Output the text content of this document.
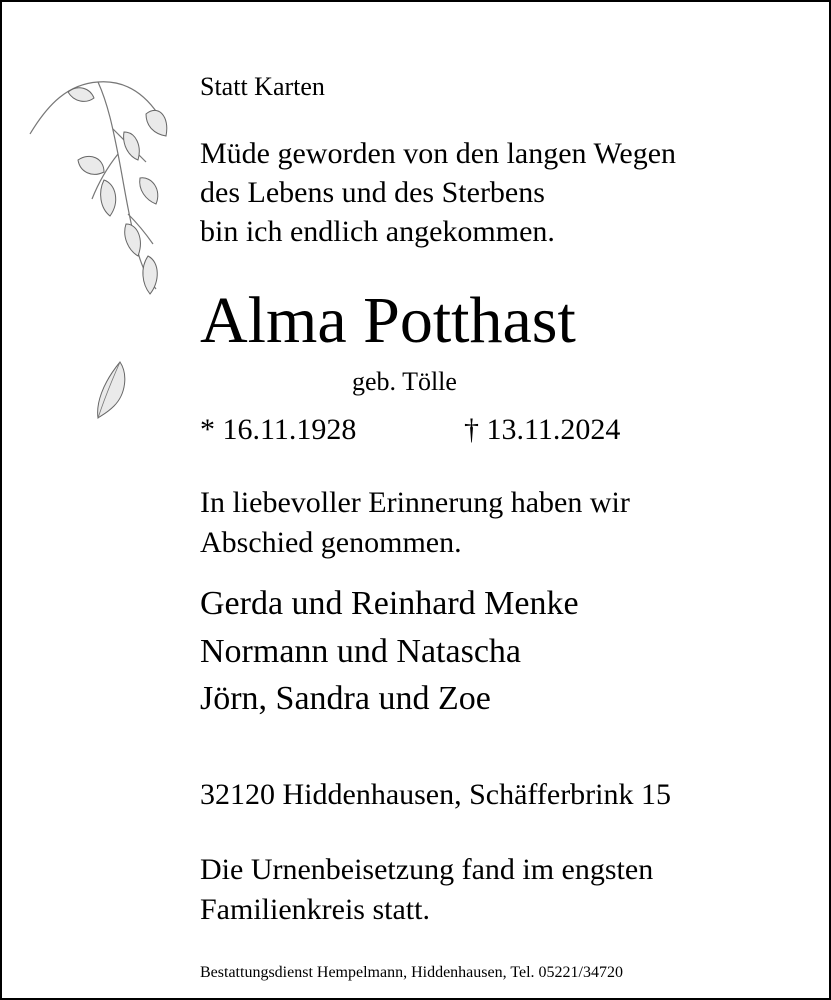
Statt Karten

Müde geworden von den langen Wegen

des Lebens und des Sterbens

bin ich endlich angekommen.

Alma Potthast

geb. Tölle

* 16.11.1928	† 13.11.2024

In liebevoller Erinnerung haben wir

Abschied genommen.

Gerda und Reinhard Menke

Normann und Natascha

Jörn, Sandra und Zoe

32120 Hiddenhausen, Schäfferbrink 15

Die Urnenbeisetzung fand im engsten

Familienkreis statt.

Bestattungsdienst Hempelmann, Hiddenhausen, Tel. 05221/34720
